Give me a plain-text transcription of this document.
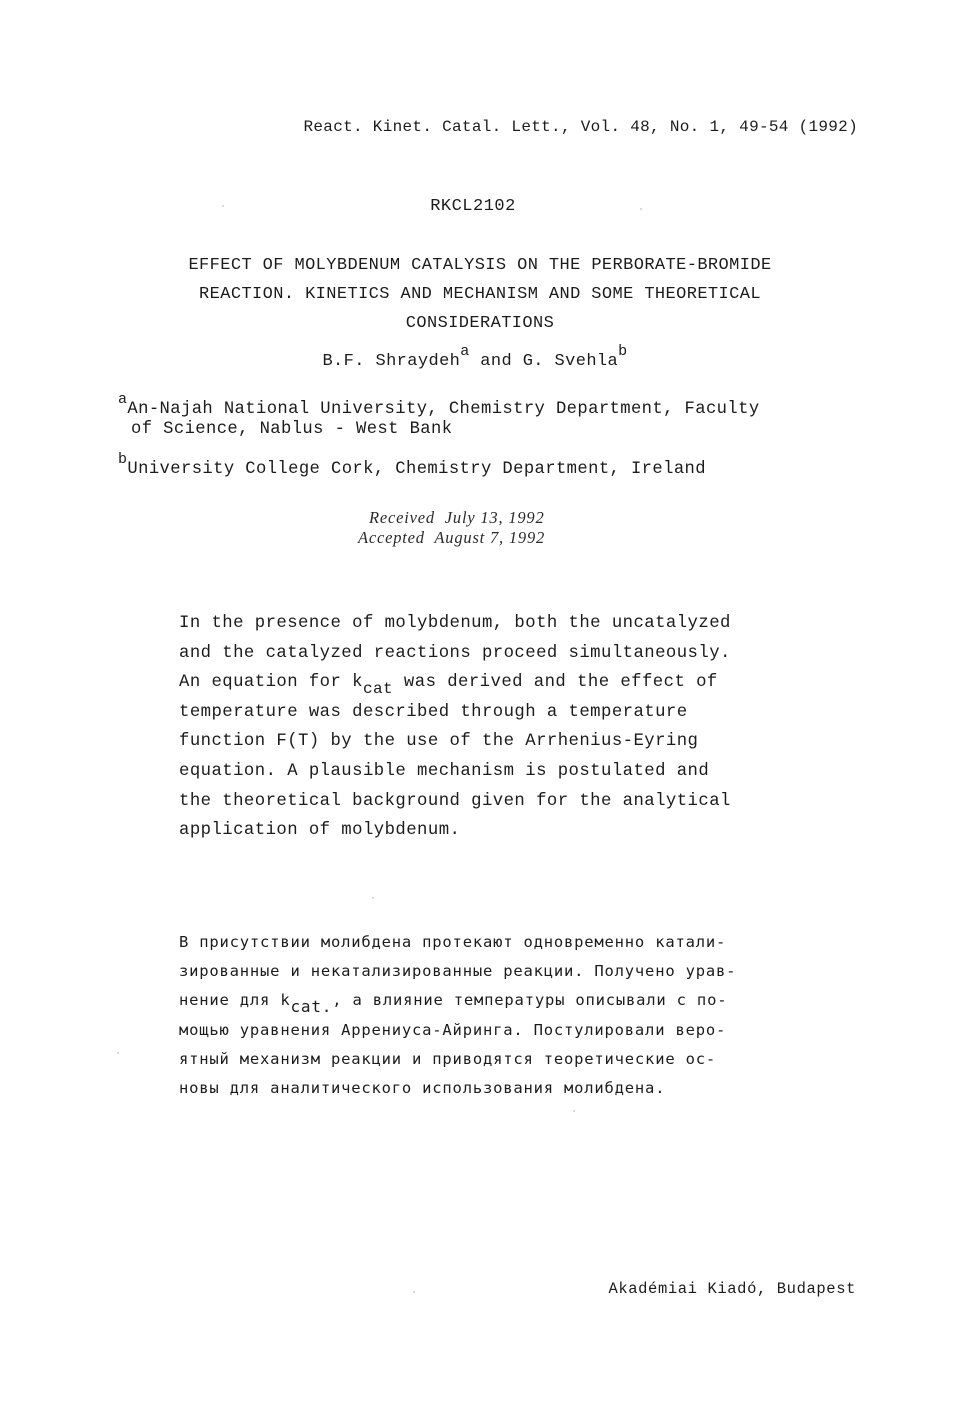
React. Kinet. Catal. Lett., Vol. 48, No. 1, 49-54 (1992)
RKCL2102
EFFECT OF MOLYBDENUM CATALYSIS ON THE PERBORATE-BROMIDE
REACTION. KINETICS AND MECHANISM AND SOME THEORETICAL
CONSIDERATIONS
B.F. Shraydeh$^a$ and G. Svehla$^b$
$^a$An-Najah National University, Chemistry Department, Faculty
of Science, Nablus - West Bank
$^b$University College Cork, Chemistry Department, Ireland
Received  July 13, 1992
Accepted  August 7, 1992
In the presence of molybdenum, both the uncatalyzed
and the catalyzed reactions proceed simultaneously.
An equation for $k_{cat}$ was derived and the effect of
temperature was described through a temperature
function F(T) by the use of the Arrhenius-Eyring
equation. A plausible mechanism is postulated and
the theoretical background given for the analytical
application of molybdenum.
В присутствии молибдена протекают одновременно катали-
зированные и некатализированные реакции. Получено урав-
нение для $k_{cat.}$, а влияние температуры описывали с по-
мощью уравнения Аррениуса-Айринга. Постулировали веро-
ятный механизм реакции и приводятся теоретические ос-
новы для аналитического использования молибдена.
Akadémiai Kiadó, Budapest
